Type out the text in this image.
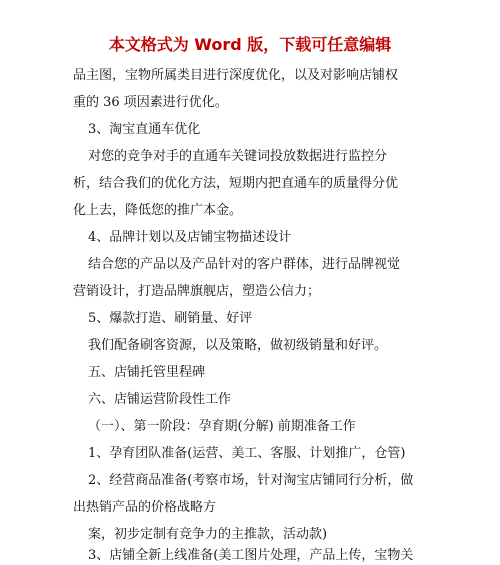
本文格式为 Word 版，下载可任意编辑
品主图，宝物所属类目进行深度优化，以及对影响店铺权
重的 36 项因素进行优化。
3、淘宝直通车优化
对您的竞争对手的直通车关键词投放数据进行监控分
析，结合我们的优化方法，短期内把直通车的质量得分优
化上去，降低您的推广本金。
4、品牌计划以及店铺宝物描述设计
结合您的产品以及产品针对的客户群体，进行品牌视觉
营销设计，打造品牌旗舰店，塑造公信力；
5、爆款打造、刷销量、好评
我们配备刷客资源，以及策略，做初级销量和好评。
五、店铺托管里程碑
六、店铺运营阶段性工作
（一）、第一阶段：孕育期(分解) 前期准备工作
1、孕育团队准备(运营、美工、客服、计划推广，仓管)
2、经营商品准备(考察市场，针对淘宝店铺同行分析，做
出热销产品的价格战略方
案，初步定制有竞争力的主推款，活动款)
3、店铺全新上线准备(美工图片处理，产品上传，宝物关
